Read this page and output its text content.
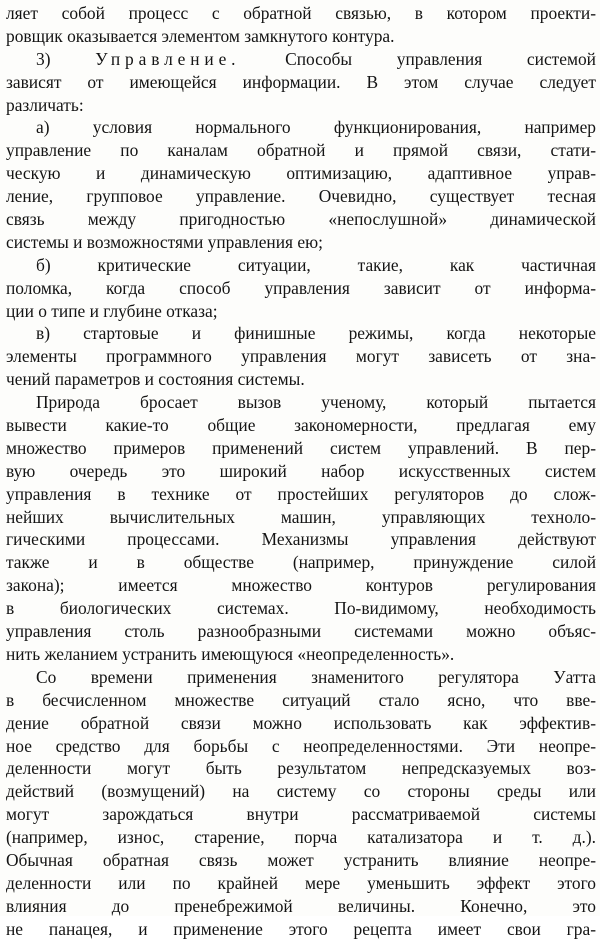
ляет собой процесс с обратной связью, в котором проекти-
ровщик оказывается элементом замкнутого контура.
3) Управление. Способы управления системой
зависят от имеющейся информации. В этом случае следует
различать:
а) условия нормального функционирования, например
управление по каналам обратной и прямой связи, стати-
ческую и динамическую оптимизацию, адаптивное управ-
ление, групповое управление. Очевидно, существует тесная
связь между пригодностью «непослушной» динамической
системы и возможностями управления ею;
б) критические ситуации, такие, как частичная
поломка, когда способ управления зависит от информа-
ции о типе и глубине отказа;
в) стартовые и финишные режимы, когда некоторые
элементы программного управления могут зависеть от зна-
чений параметров и состояния системы.
Природа бросает вызов ученому, который пытается
вывести какие-то общие закономерности, предлагая ему
множество примеров применений систем управлений. В пер-
вую очередь это широкий набор искусственных систем
управления в технике от простейших регуляторов до слож-
нейших вычислительных машин, управляющих техноло-
гическими процессами. Механизмы управления действуют
также и в обществе (например, принуждение силой
закона); имеется множество контуров регулирования
в биологических системах. По-видимому, необходимость
управления столь разнообразными системами можно объяс-
нить желанием устранить имеющуюся «неопределенность».
Со времени применения знаменитого регулятора Уатта
в бесчисленном множестве ситуаций стало ясно, что вве-
дение обратной связи можно использовать как эффектив-
ное средство для борьбы с неопределенностями. Эти неопре-
деленности могут быть результатом непредсказуемых воз-
действий (возмущений) на систему со стороны среды или
могут зарождаться внутри рассматриваемой системы
(например, износ, старение, порча катализатора и т. д.).
Обычная обратная связь может устранить влияние неопре-
деленности или по крайней мере уменьшить эффект этого
влияния до пренебрежимой величины. Конечно, это
не панацея, и применение этого рецепта имеет свои гра-
